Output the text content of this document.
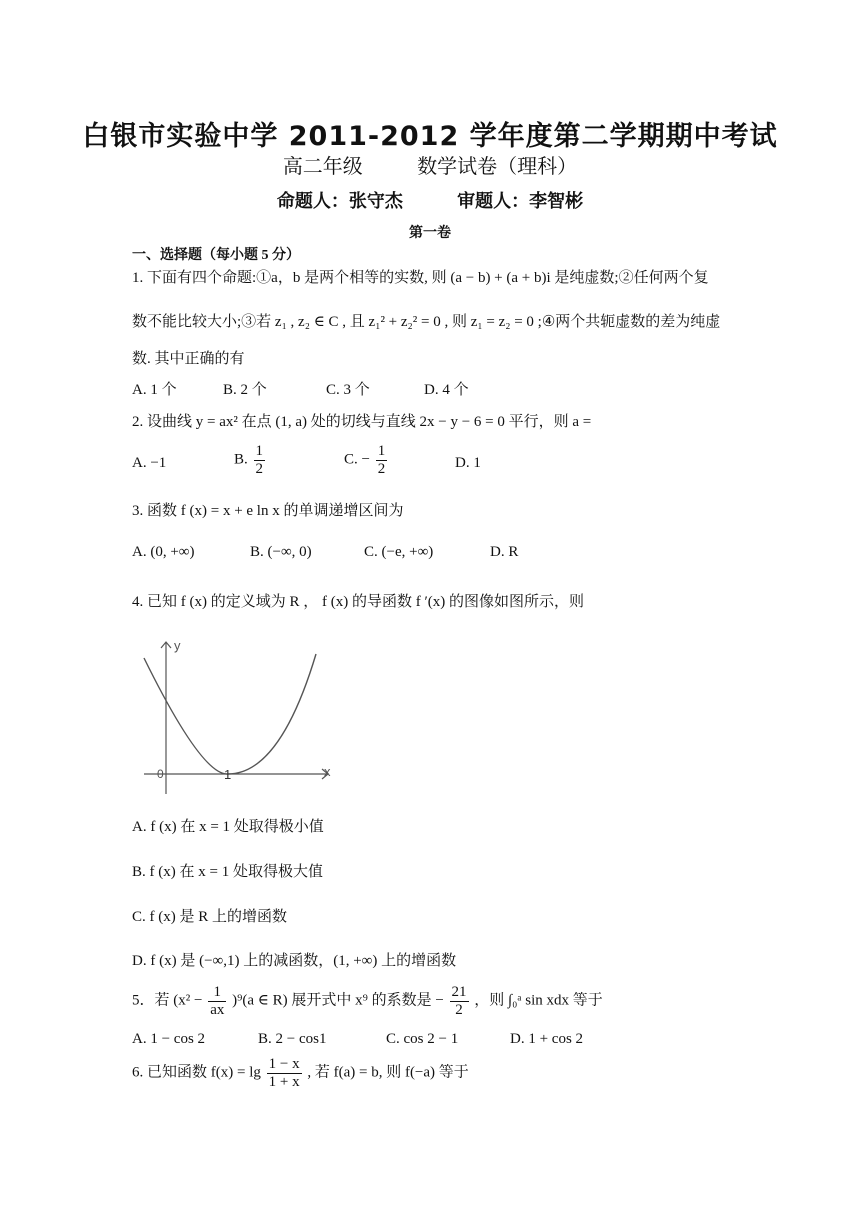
白银市实验中学 2011-2012 学年度第二学期期中考试
高二年级	数学试卷（理科）
命题人：张守杰	审题人：李智彬
第一卷
一、选择题（每小题 5 分）
1. 下面有四个命题:①a，b 是两个相等的实数, 则 (a − b) + (a + b)i 是纯虚数;②任何两个复
数不能比较大小;③若 z₁ , z₂ ∈ C , 且 z₁² + z₂² = 0 , 则 z₁ = z₂ = 0 ;④两个共轭虚数的差为纯虚
数. 其中正确的有
A. 1 个	B. 2 个	C. 3 个	D. 4 个
2. 设曲线 y = ax² 在点 (1, a) 处的切线与直线 2x − y − 6 = 0 平行，则 a =
A. −1	B. $\frac{1}{2}$	C. − $\frac{1}{2}$	D. 1
3. 函数 f (x) = x + e ln x 的单调递增区间为
A. (0, +∞)	B. (−∞, 0)	C. (−e, +∞)	D. R
4. 已知 f (x) 的定义域为 R ， f (x) 的导函数 f ′(x) 的图像如图所示，则
y
x
0	1
A. f (x) 在 x = 1 处取得极小值
B. f (x) 在 x = 1 处取得极大值
C. f (x) 是 R 上的增函数
D. f (x) 是 (−∞,1) 上的减函数，(1, +∞) 上的增函数
5．若 $(x^2 - \frac{1}{ax} )^9(a$ ∈ R) 展开式中 x⁹ 的系数是 − $\frac{21}{2}$ ，则 ∫₀ᵃ sin xdx 等于
A. 1 − cos 2	B. 2 − cos1	C. cos 2 − 1	D. 1 + cos 2
6. 已知函数 $f(x) = \lg \frac{1 - x}{1 + x}$ , 若 f(a) = b, 则 f(−a) 等于
